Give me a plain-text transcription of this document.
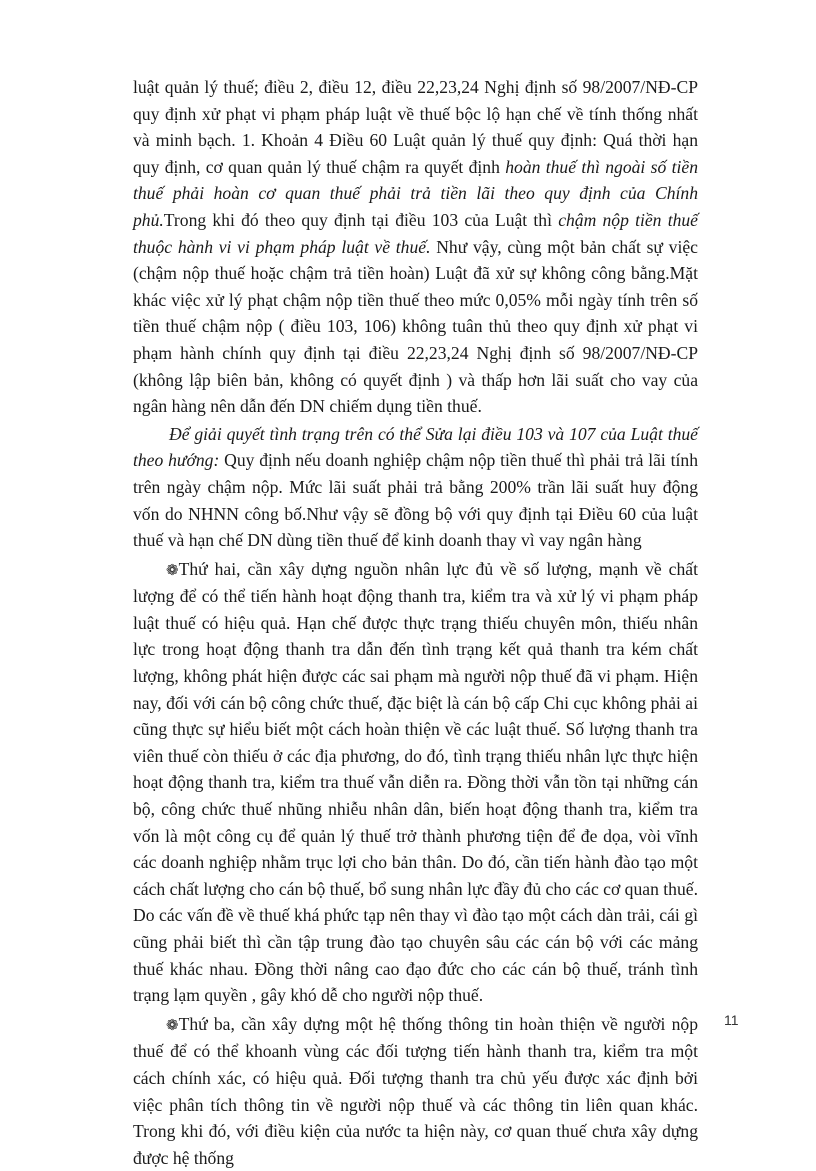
luật quản lý thuế; điều 2, điều 12, điều 22,23,24 Nghị định số 98/2007/NĐ-CP quy định xử phạt vi phạm pháp luật về thuế bộc lộ hạn chế về tính thống nhất và minh bạch. 1. Khoản 4 Điều 60 Luật quản lý thuế quy định: Quá thời hạn quy định, cơ quan quản lý thuế chậm ra quyết định hoàn thuế thì ngoài số tiền thuế phải hoàn cơ quan thuế phải trả tiền lãi theo quy định của Chính phủ.Trong khi đó theo quy định tại điều 103 của Luật thì chậm nộp tiền thuế thuộc hành vi vi phạm pháp luật về thuế. Như vậy, cùng một bản chất sự việc (chậm nộp thuế hoặc chậm trả tiền hoàn) Luật đã xử sự không công bằng.Mặt khác việc xử lý phạt chậm nộp tiền thuế theo mức 0,05% mỗi ngày tính trên số tiền thuế chậm nộp ( điều 103, 106) không tuân thủ theo quy định xử phạt vi phạm hành chính quy định tại điều 22,23,24 Nghị định số 98/2007/NĐ-CP (không lập biên bản, không có quyết định ) và thấp hơn lãi suất cho vay của ngân hàng nên dẫn đến DN chiếm dụng tiền thuế.

Để giải quyết tình trạng trên có thể Sửa lại điều 103 và 107 của Luật thuế theo hướng: Quy định nếu doanh nghiệp chậm nộp tiền thuế thì phải trả lãi tính trên ngày chậm nộp. Mức lãi suất phải trả bằng 200% trần lãi suất huy động vốn do NHNN công bố.Như vậy sẽ đồng bộ với quy định tại Điều 60 của luật thuế và hạn chế DN dùng tiền thuế để kinh doanh thay vì vay ngân hàng

❁Thứ hai, cần xây dựng nguồn nhân lực đủ về số lượng, mạnh về chất lượng để có thể tiến hành hoạt động thanh tra, kiểm tra và xử lý vi phạm pháp luật thuế có hiệu quả. Hạn chế được thực trạng thiếu chuyên môn, thiếu nhân lực trong hoạt động thanh tra dẫn đến tình trạng kết quả thanh tra kém chất lượng, không phát hiện được các sai phạm mà người nộp thuế đã vi phạm. Hiện nay, đối với cán bộ công chức thuế, đặc biệt là cán bộ cấp Chi cục không phải ai cũng thực sự hiểu biết một cách hoàn thiện về các luật thuế. Số lượng thanh tra viên thuế còn thiếu ở các địa phương, do đó, tình trạng thiếu nhân lực thực hiện hoạt động thanh tra, kiểm tra thuế vẫn diễn ra. Đồng thời vẫn tồn tại những cán bộ, công chức thuế nhũng nhiễu nhân dân, biến hoạt động thanh tra, kiểm tra vốn là một công cụ để quản lý thuế trở thành phương tiện để đe dọa, vòi vĩnh các doanh nghiệp nhằm trục lợi cho bản thân. Do đó, cần tiến hành đào tạo một cách chất lượng cho cán bộ thuế, bổ sung nhân lực đầy đủ cho các cơ quan thuế. Do các vấn đề về thuế khá phức tạp nên thay vì đào tạo một cách dàn trải, cái gì cũng phải biết thì cần tập trung đào tạo chuyên sâu các cán bộ với các mảng thuế khác nhau. Đồng thời nâng cao đạo đức cho các cán bộ thuế, tránh tình trạng lạm quyền , gây khó dễ cho người nộp thuế.

❁Thứ ba, cần xây dựng một hệ thống thông tin hoàn thiện về người nộp thuế để có thể khoanh vùng các đối tượng tiến hành thanh tra, kiểm tra một cách chính xác, có hiệu quả. Đối tượng thanh tra chủ yếu được xác định bởi việc phân tích thông tin về người nộp thuế và các thông tin liên quan khác. Trong khi đó, với điều kiện của nước ta hiện này, cơ quan thuế chưa xây dựng được hệ thống

11
